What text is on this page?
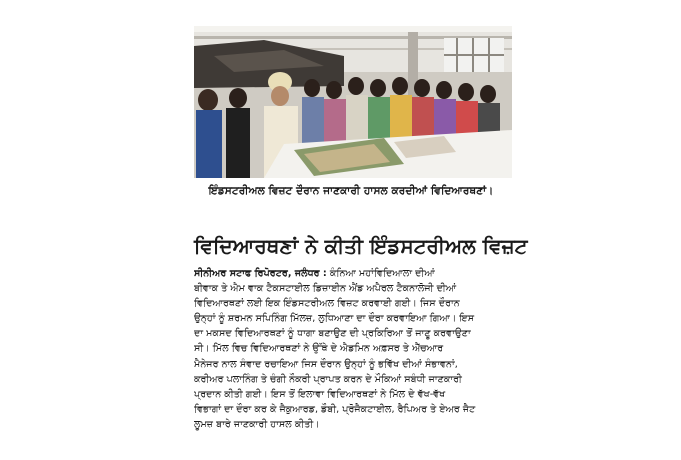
ਇੰਡਸਟਰੀਅਲ ਵਿਜ਼ਟ ਦੌਰਾਨ ਜਾਣਕਾਰੀ ਹਾਸਲ ਕਰਦੀਆਂ ਵਿਦਿਆਰਥਣਾਂ।
ਵਿਦਿਆਰਥਣਾਂ ਨੇ ਕੀਤੀ ਇੰਡਸਟਰੀਅਲ ਵਿਜ਼ਟ
ਸੀਨੀਅਰ ਸਟਾਫ ਰਿਪੋਰਟਰ, ਜਲੰਧਰ : ਕੰਨਿਆ ਮਹਾਂਵਿਦਿਆਲਾ ਦੀਆਂ
ਬੀਵਾਕ ਤੇ ਐਮ ਵਾਕ ਟੈਕਸਟਾਈਲ ਡਿਜ਼ਾਈਨ ਐਂਡ ਅਪੈਰਲ ਟੈਕਨਾਲੋਜੀ ਦੀਆਂ
ਵਿਦਿਆਰਥਣਾਂ ਲਈ ਇਕ ਇੰਡਸਟਰੀਅਲ ਵਿਜ਼ਟ ਕਰਵਾਈ ਗਈ। ਜਿਸ ਦੌਰਾਨ
ਉਨ੍ਹਾਂ ਨੂੰ ਸ਼ਰਮਨ ਸਪਿਨਿੰਗ ਮਿੱਲਜ਼, ਲੁਧਿਆਣਾ ਦਾ ਦੌਰਾ ਕਰਵਾਇਆ ਗਿਆ। ਇਸ
ਦਾ ਮਕਸਦ ਵਿਦਿਆਰਥਣਾਂ ਨੂੰ ਧਾਗਾ ਬਣਾਉਣ ਦੀ ਪ੍ਰਕਿਰਿਆ ਤੋਂ ਜਾਣੂ ਕਰਵਾਉਣਾ
ਸੀ। ਮਿੱਲ ਵਿਚ ਵਿਦਿਆਰਥਣਾਂ ਨੇ ਉੱਥੇ ਦੇ ਐਡਮਿਨ ਅਫ਼ਸਰ ਤੇ ਐੱਚਆਰ
ਮੈਨੇਜਰ ਨਾਲ ਸੰਵਾਦ ਰਚਾਇਆ ਜਿਸ ਦੌਰਾਨ ਉਨ੍ਹਾਂ ਨੂੰ ਭਵਿੱਖ ਦੀਆਂ ਸੰਭਾਵਨਾਂ,
ਕਰੀਅਰ ਪਲਾਨਿੰਗ ਤੇ ਚੰਗੀ ਨੌਕਰੀ ਪ੍ਰਾਪਤ ਕਰਨ ਦੇ ਮੌਕਿਆਂ ਸਬੰਧੀ ਜਾਣਕਾਰੀ
ਪ੍ਰਦਾਨ ਕੀਤੀ ਗਈ। ਇਸ ਤੋਂ ਇਲਾਵਾ ਵਿਦਿਆਰਥਣਾਂ ਨੇ ਮਿੱਲ ਦੇ ਵੱਖ-ਵੱਖ
ਵਿਭਾਗਾਂ ਦਾ ਦੌਰਾ ਕਰ ਕੇ ਜੈਕੁਆਰਡ, ਡੌਬੀ, ਪ੍ਰੋਜੈਕਟਾਈਲ, ਰੈਪਿਅਰ ਤੇ ਏਅਰ ਜੈਟ
ਲੂਮਜ਼ ਬਾਰੇ ਜਾਣਕਾਰੀ ਹਾਸਲ ਕੀਤੀ।
